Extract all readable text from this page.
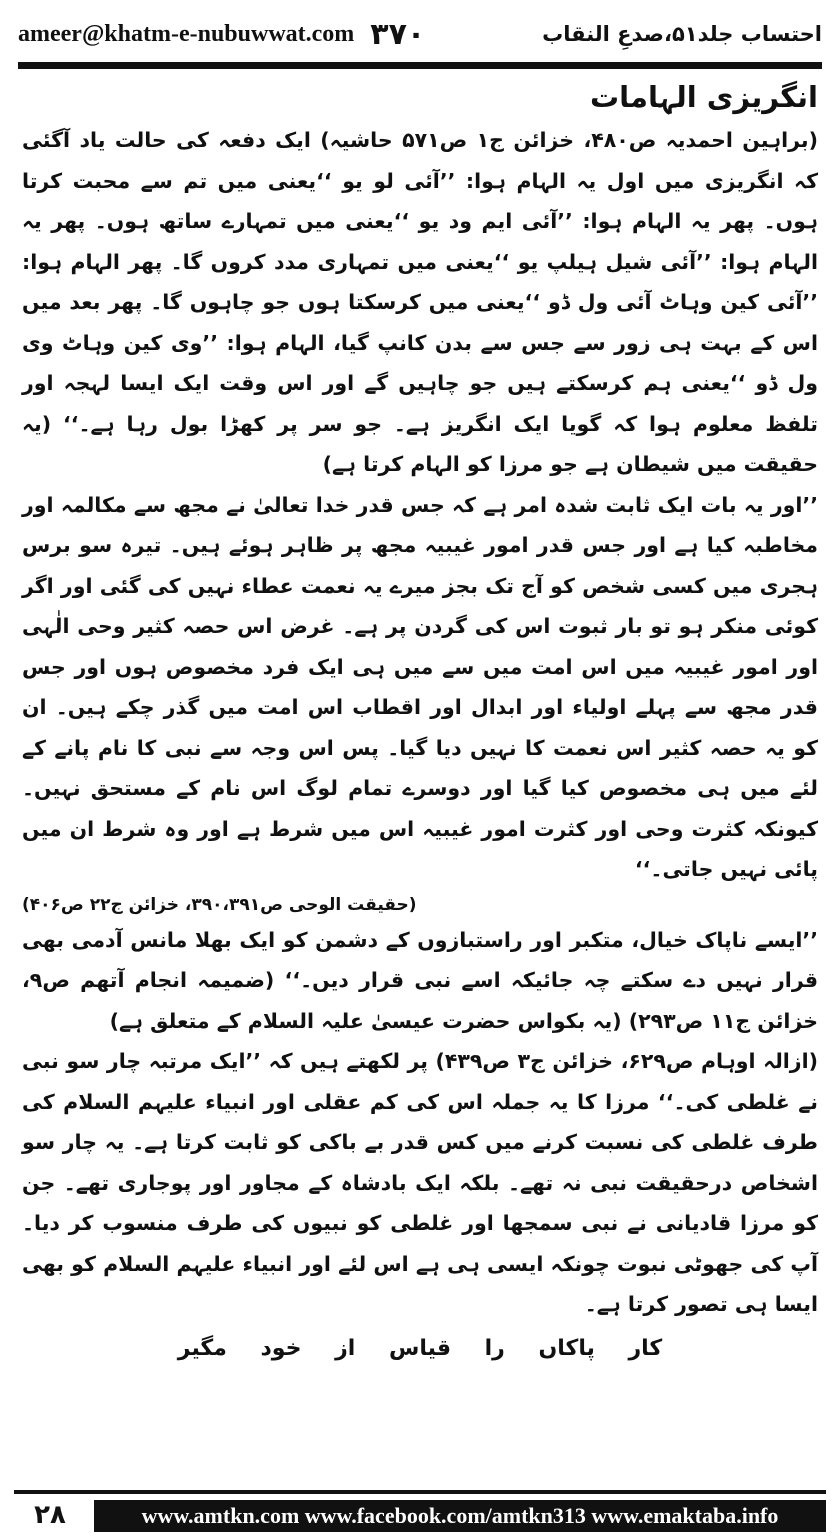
ameer@khatm-e-nubuwwat.com ۳۷۰	احتساب جلد۵۱،صدعِ النقاب
انگریزی الہامات

(براہین احمدیہ ص۴۸۰، خزائن ج۱ ص۵۷۱ حاشیہ) ایک دفعہ کی حالت یاد آگئی کہ انگریزی میں اول یہ الہام ہوا: ’’آئی لو یو ‘‘یعنی میں تم سے محبت کرتا ہوں۔ پھر یہ الہام ہوا: ’’آئی ایم ود یو ‘‘یعنی میں تمہارے ساتھ ہوں۔ پھر یہ الہام ہوا: ’’آئی شیل ہیلپ یو ‘‘یعنی میں تمہاری مدد کروں گا۔ پھر الہام ہوا: ’’آئی کین وہاٹ آئی ول ڈو ‘‘یعنی میں کرسکتا ہوں جو چاہوں گا۔ پھر بعد میں اس کے بہت ہی زور سے جس سے بدن کانپ گیا، الہام ہوا: ’’وی کین وہاٹ وی ول ڈو ‘‘یعنی ہم کرسکتے ہیں جو چاہیں گے اور اس وقت ایک ایسا لہجہ اور تلفظ معلوم ہوا کہ گویا ایک انگریز ہے۔ جو سر پر کھڑا بول رہا ہے۔‘‘ (یہ حقیقت میں شیطان ہے جو مرزا کو الہام کرتا ہے)

’’اور یہ بات ایک ثابت شدہ امر ہے کہ جس قدر خدا تعالیٰ نے مجھ سے مکالمہ اور مخاطبہ کیا ہے اور جس قدر امور غیبیہ مجھ پر ظاہر ہوئے ہیں۔ تیرہ سو برس ہجری میں کسی شخص کو آج تک بجز میرے یہ نعمت عطاء نہیں کی گئی اور اگر کوئی منکر ہو تو بار ثبوت اس کی گردن پر ہے۔ غرض اس حصہ کثیر وحی الٰہی اور امور غیبیہ میں اس امت میں سے میں ہی ایک فرد مخصوص ہوں اور جس قدر مجھ سے پہلے اولیاء اور ابدال اور اقطاب اس امت میں گذر چکے ہیں۔ ان کو یہ حصہ کثیر اس نعمت کا نہیں دیا گیا۔ پس اس وجہ سے نبی کا نام پانے کے لئے میں ہی مخصوص کیا گیا اور دوسرے تمام لوگ اس نام کے مستحق نہیں۔ کیونکہ کثرت وحی اور کثرت امور غیبیہ اس میں شرط ہے اور وہ شرط ان میں پائی نہیں جاتی۔‘‘

(حقیقت الوحی ص۳۹۰،۳۹۱، خزائن ج۲۲ ص۴۰۶)

’’ایسے ناپاک خیال، متکبر اور راستبازوں کے دشمن کو ایک بھلا مانس آدمی بھی قرار نہیں دے سکتے چہ جائیکہ اسے نبی قرار دیں۔‘‘ (ضمیمہ انجام آتھم ص۹، خزائن ج۱۱ ص۲۹۳) (یہ بکواس حضرت عیسیٰ علیہ السلام کے متعلق ہے)

(ازالہ اوہام ص۶۲۹، خزائن ج۳ ص۴۳۹) پر لکھتے ہیں کہ ’’ایک مرتبہ چار سو نبی نے غلطی کی۔‘‘ مرزا کا یہ جملہ اس کی کم عقلی اور انبیاء علیہم السلام کی طرف غلطی کی نسبت کرنے میں کس قدر بے باکی کو ثابت کرتا ہے۔ یہ چار سو اشخاص درحقیقت نبی نہ تھے۔ بلکہ ایک بادشاہ کے مجاور اور پوجاری تھے۔ جن کو مرزا قادیانی نے نبی سمجھا اور غلطی کو نبیوں کی طرف منسوب کر دیا۔ آپ کی جھوٹی نبوت چونکہ ایسی ہی ہے اس لئے اور انبیاء علیہم السلام کو بھی ایسا ہی تصور کرتا ہے۔

کار پاکاں را قیاس از خود مگیر

۲۸	www.amtkn.com www.facebook.com/amtkn313 www.emaktaba.info
